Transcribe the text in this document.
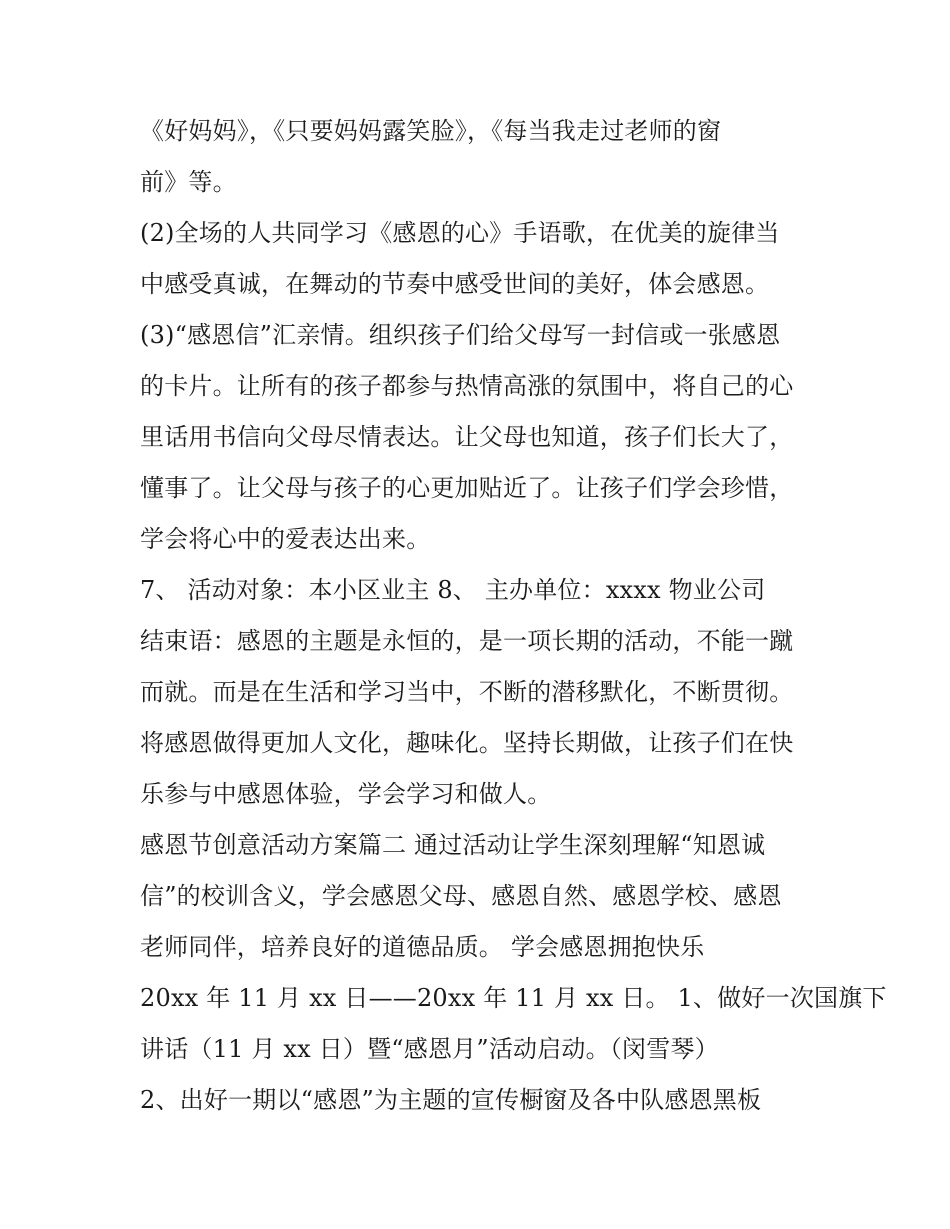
《好妈妈》，《只要妈妈露笑脸》，《每当我走过老师的窗
前》等。
(2)全场的人共同学习《感恩的心》手语歌，在优美的旋律当
中感受真诚，在舞动的节奏中感受世间的美好，体会感恩。
(3)“感恩信”汇亲情。组织孩子们给父母写一封信或一张感恩
的卡片。让所有的孩子都参与热情高涨的氛围中，将自己的心
里话用书信向父母尽情表达。让父母也知道，孩子们长大了，
懂事了。让父母与孩子的心更加贴近了。让孩子们学会珍惜，
学会将心中的爱表达出来。
7、 活动对象：本小区业主 8、 主办单位：xxxx 物业公司
结束语：感恩的主题是永恒的，是一项长期的活动，不能一蹴
而就。而是在生活和学习当中，不断的潜移默化，不断贯彻。
将感恩做得更加人文化，趣味化。坚持长期做，让孩子们在快
乐参与中感恩体验，学会学习和做人。
感恩节创意活动方案篇二 通过活动让学生深刻理解“知恩诚
信”的校训含义，学会感恩父母、感恩自然、感恩学校、感恩
老师同伴，培养良好的道德品质。 学会感恩拥抱快乐
20xx 年 11 月 xx 日——20xx 年 11 月 xx 日。 1、做好一次国旗下
讲话（11 月 xx 日）暨“感恩月”活动启动。（闵雪琴）
2、出好一期以“感恩”为主题的宣传橱窗及各中队感恩黑板
